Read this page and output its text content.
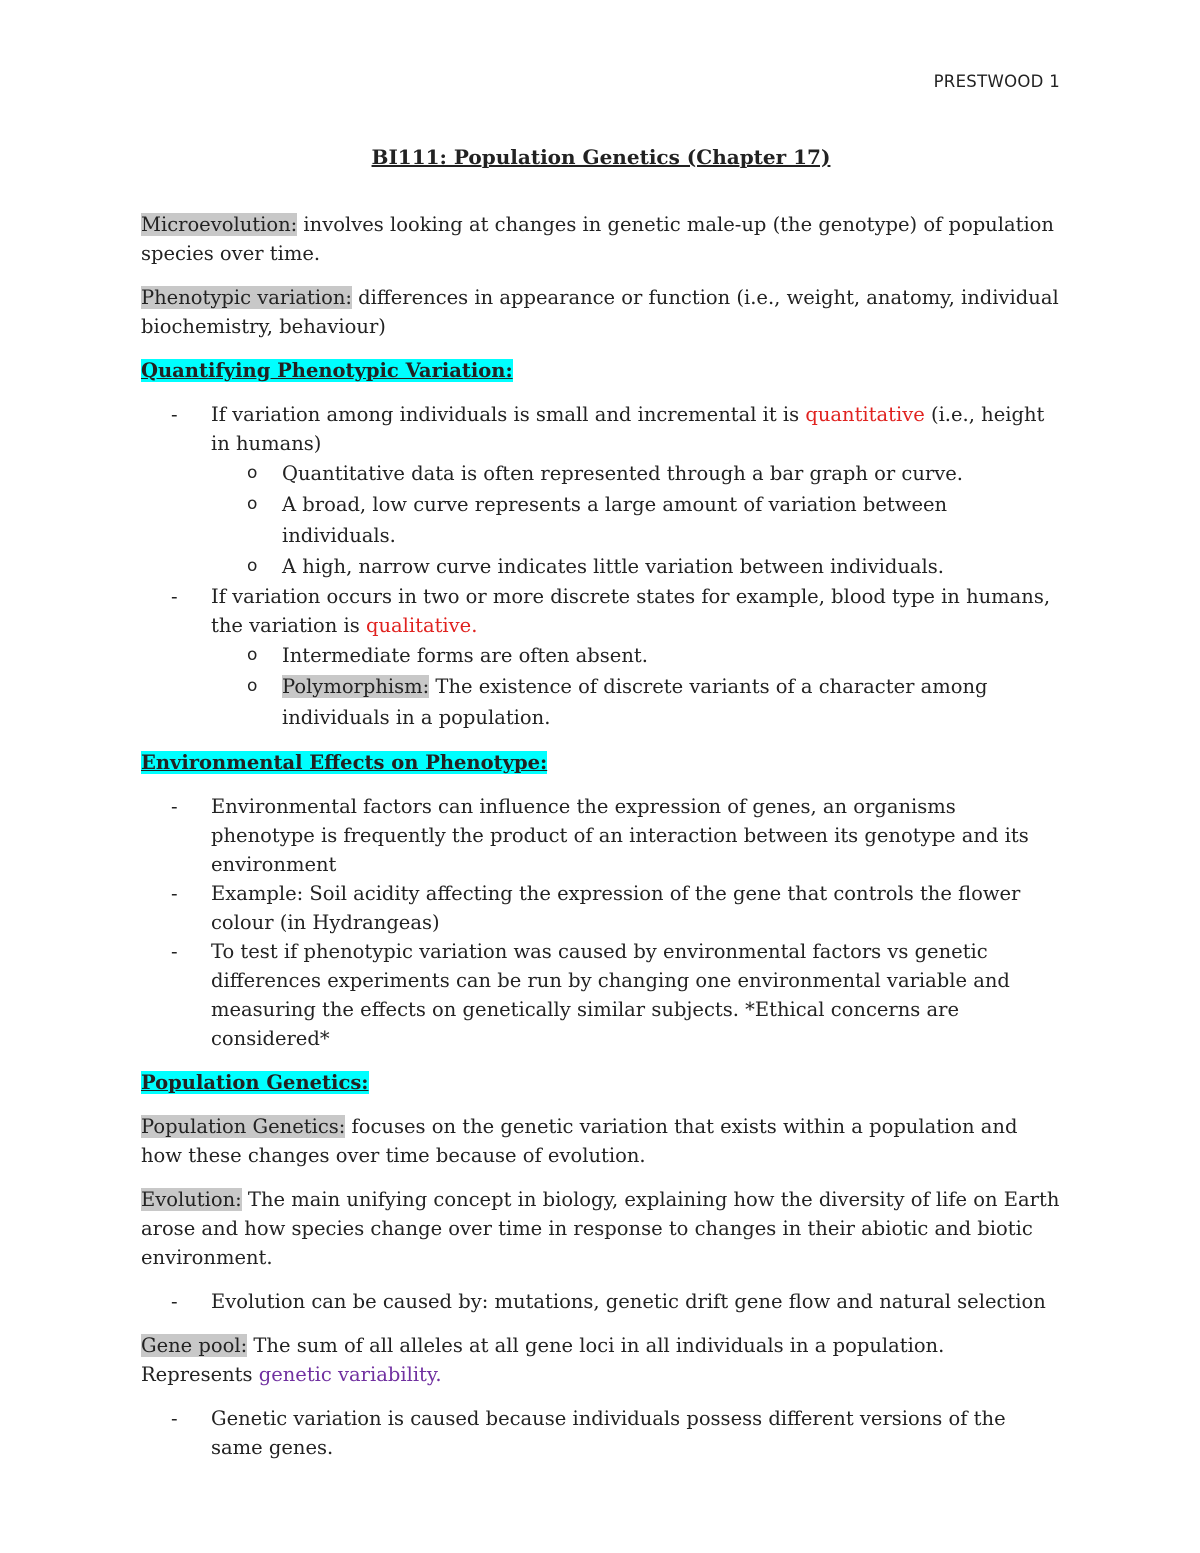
PRESTWOOD 1
BI111: Population Genetics (Chapter 17)

Microevolution: involves looking at changes in genetic male-up (the genotype) of population species over time.

Phenotypic variation: differences in appearance or function (i.e., weight, anatomy, individual biochemistry, behaviour)

Quantifying Phenotypic Variation:
- If variation among individuals is small and incremental it is quantitative (i.e., height in humans)
o Quantitative data is often represented through a bar graph or curve.
o A broad, low curve represents a large amount of variation between individuals.
o A high, narrow curve indicates little variation between individuals.
- If variation occurs in two or more discrete states for example, blood type in humans, the variation is qualitative.
o Intermediate forms are often absent.
o Polymorphism: The existence of discrete variants of a character among individuals in a population.
Environmental Effects on Phenotype:
- Environmental factors can influence the expression of genes, an organisms phenotype is frequently the product of an interaction between its genotype and its environment
- Example: Soil acidity affecting the expression of the gene that controls the flower colour (in Hydrangeas)
- To test if phenotypic variation was caused by environmental factors vs genetic differences experiments can be run by changing one environmental variable and measuring the effects on genetically similar subjects. *Ethical concerns are considered*
Population Genetics:

Population Genetics: focuses on the genetic variation that exists within a population and how these changes over time because of evolution.

Evolution: The main unifying concept in biology, explaining how the diversity of life on Earth arose and how species change over time in response to changes in their abiotic and biotic environment.

- Evolution can be caused by: mutations, genetic drift gene flow and natural selection

Gene pool: The sum of all alleles at all gene loci in all individuals in a population. Represents genetic variability.

- Genetic variation is caused because individuals possess different versions of the same genes.
